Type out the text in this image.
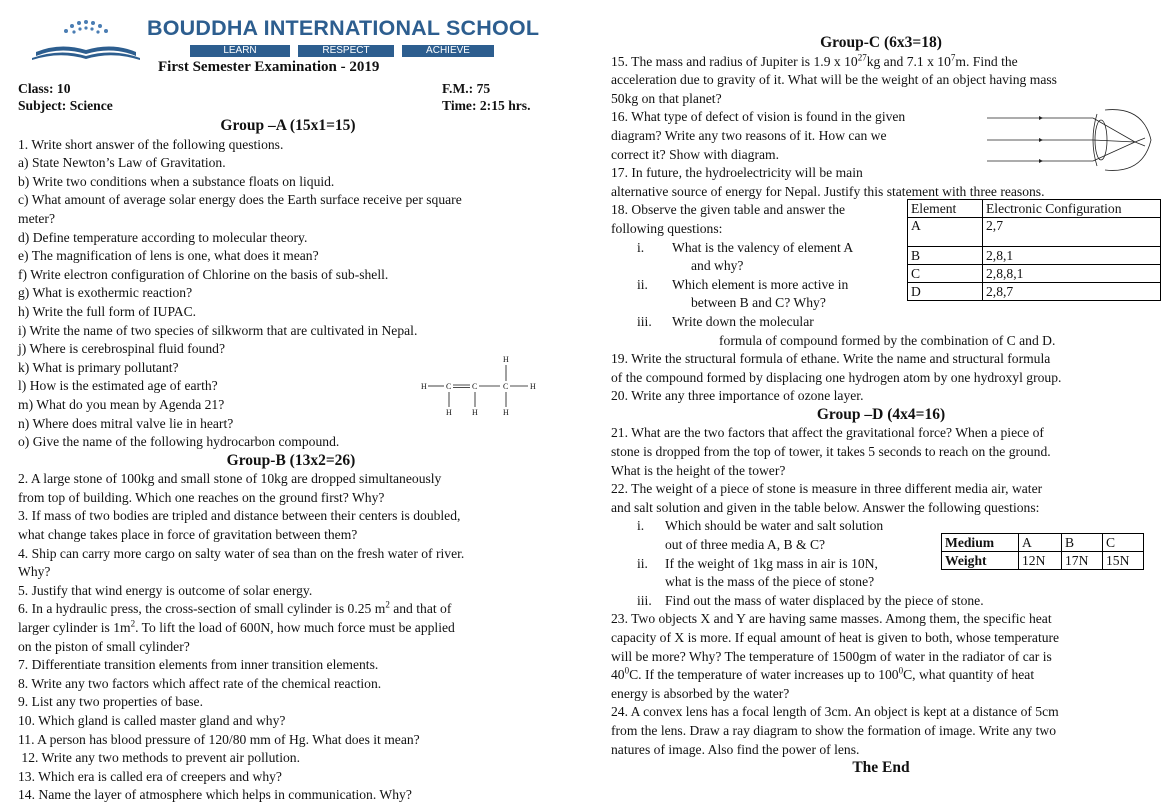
BOUDDHA INTERNATIONAL SCHOOL
LEARN	RESPECT	ACHIEVE
First Semester Examination - 2019
Class: 10
Subject: Science
F.M.: 75
Time: 2:15 hrs.
Group –A (15x1=15)
1. Write short answer of the following questions.
a) State Newton’s Law of Gravitation.
b) Write two conditions when a substance floats on liquid.
c) What amount of average solar energy does the Earth surface receive per square
meter?
d) Define temperature according to molecular theory.
e) The magnification of lens is one, what does it mean?
f) Write electron configuration of Chlorine on the basis of sub-shell.
g) What is exothermic reaction?
h) Write the full form of IUPAC.
i) Write the name of two species of silkworm that are cultivated in Nepal.
j) Where is cerebrospinal fluid found?
k) What is primary pollutant?
l) How is the estimated age of earth?
m) What do you mean by Agenda 21?
n) Where does mitral valve lie in heart?
H
H C	C	C	H
H	H	H
o) Give the name of the following hydrocarbon compound.
Group-B (13x2=26)
2. A large stone of 100kg and small stone of 10kg are dropped simultaneously
from top of building. Which one reaches on the ground first? Why?
3. If mass of two bodies are tripled and distance between their centers is doubled,
what change takes place in force of gravitation between them?
4. Ship can carry more cargo on salty water of sea than on the fresh water of river.
Why?
5. Justify that wind energy is outcome of solar energy.
6. In a hydraulic press, the cross-section of small cylinder is 0.25 $m^2$ and that of
larger cylinder is $1m^2$. To lift the load of 600N, how much force must be applied
on the piston of small cylinder?
7. Differentiate transition elements from inner transition elements.
8. Write any two factors which affect rate of the chemical reaction.
9. List any two properties of base.
10. Which gland is called master gland and why?
11. A person has blood pressure of 120/80 mm of Hg. What does it mean?
12. Write any two methods to prevent air pollution.
13. Which era is called era of creepers and why?
14. Name the layer of atmosphere which helps in communication. Why?
Group-C (6x3=18)
15. The mass and radius of Jupiter is 1.9 x $10^{27}kg$ and 7.1 x $10^7m$. Find the
acceleration due to gravity of it. What will be the weight of an object having mass
50kg on that planet?
16. What type of defect of vision is found in the given
diagram? Write any two reasons of it. How can we
correct it? Show with diagram.
17. In future, the hydroelectricity will be main
alternative source of energy for Nepal. Justify this statement with three reasons.
18. Observe the given table and answer the
following questions:
i. What is the valency of element A
and why?
ii. Which element is more active in
between B and C? Why?
iii. Write down the molecular
formula of compound formed by the combination of C and D.
Element	Electronic Configuration
A	2,7
B	2,8,1
C	2,8,8,1
D	2,8,7
19. Write the structural formula of ethane. Write the name and structural formula
of the compound formed by displacing one hydrogen atom by one hydroxyl group.
20. Write any three importance of ozone layer.
Group –D (4x4=16)
21. What are the two factors that affect the gravitational force? When a piece of
stone is dropped from the top of tower, it takes 5 seconds to reach on the ground.
What is the height of the tower?
22. The weight of a piece of stone is measure in three different media air, water
and salt solution and given in the table below. Answer the following questions:
i. Which should be water and salt solution
out of three media A, B & C?
ii. If the weight of 1kg mass in air is 10N,
what is the mass of the piece of stone?
iii. Find out the mass of water displaced by the piece of stone.
Medium	A	B	C
Weight	12N	17N	15N
23. Two objects X and Y are having same masses. Among them, the specific heat
capacity of X is more. If equal amount of heat is given to both, whose temperature
will be more? Why? The temperature of 1500gm of water in the radiator of car is
$40^0C$. If the temperature of water increases up to $100^0C$, what quantity of heat
energy is absorbed by the water?
24. A convex lens has a focal length of 3cm. An object is kept at a distance of 5cm
from the lens. Draw a ray diagram to show the formation of image. Write any two
natures of image. Also find the power of lens.
The End
